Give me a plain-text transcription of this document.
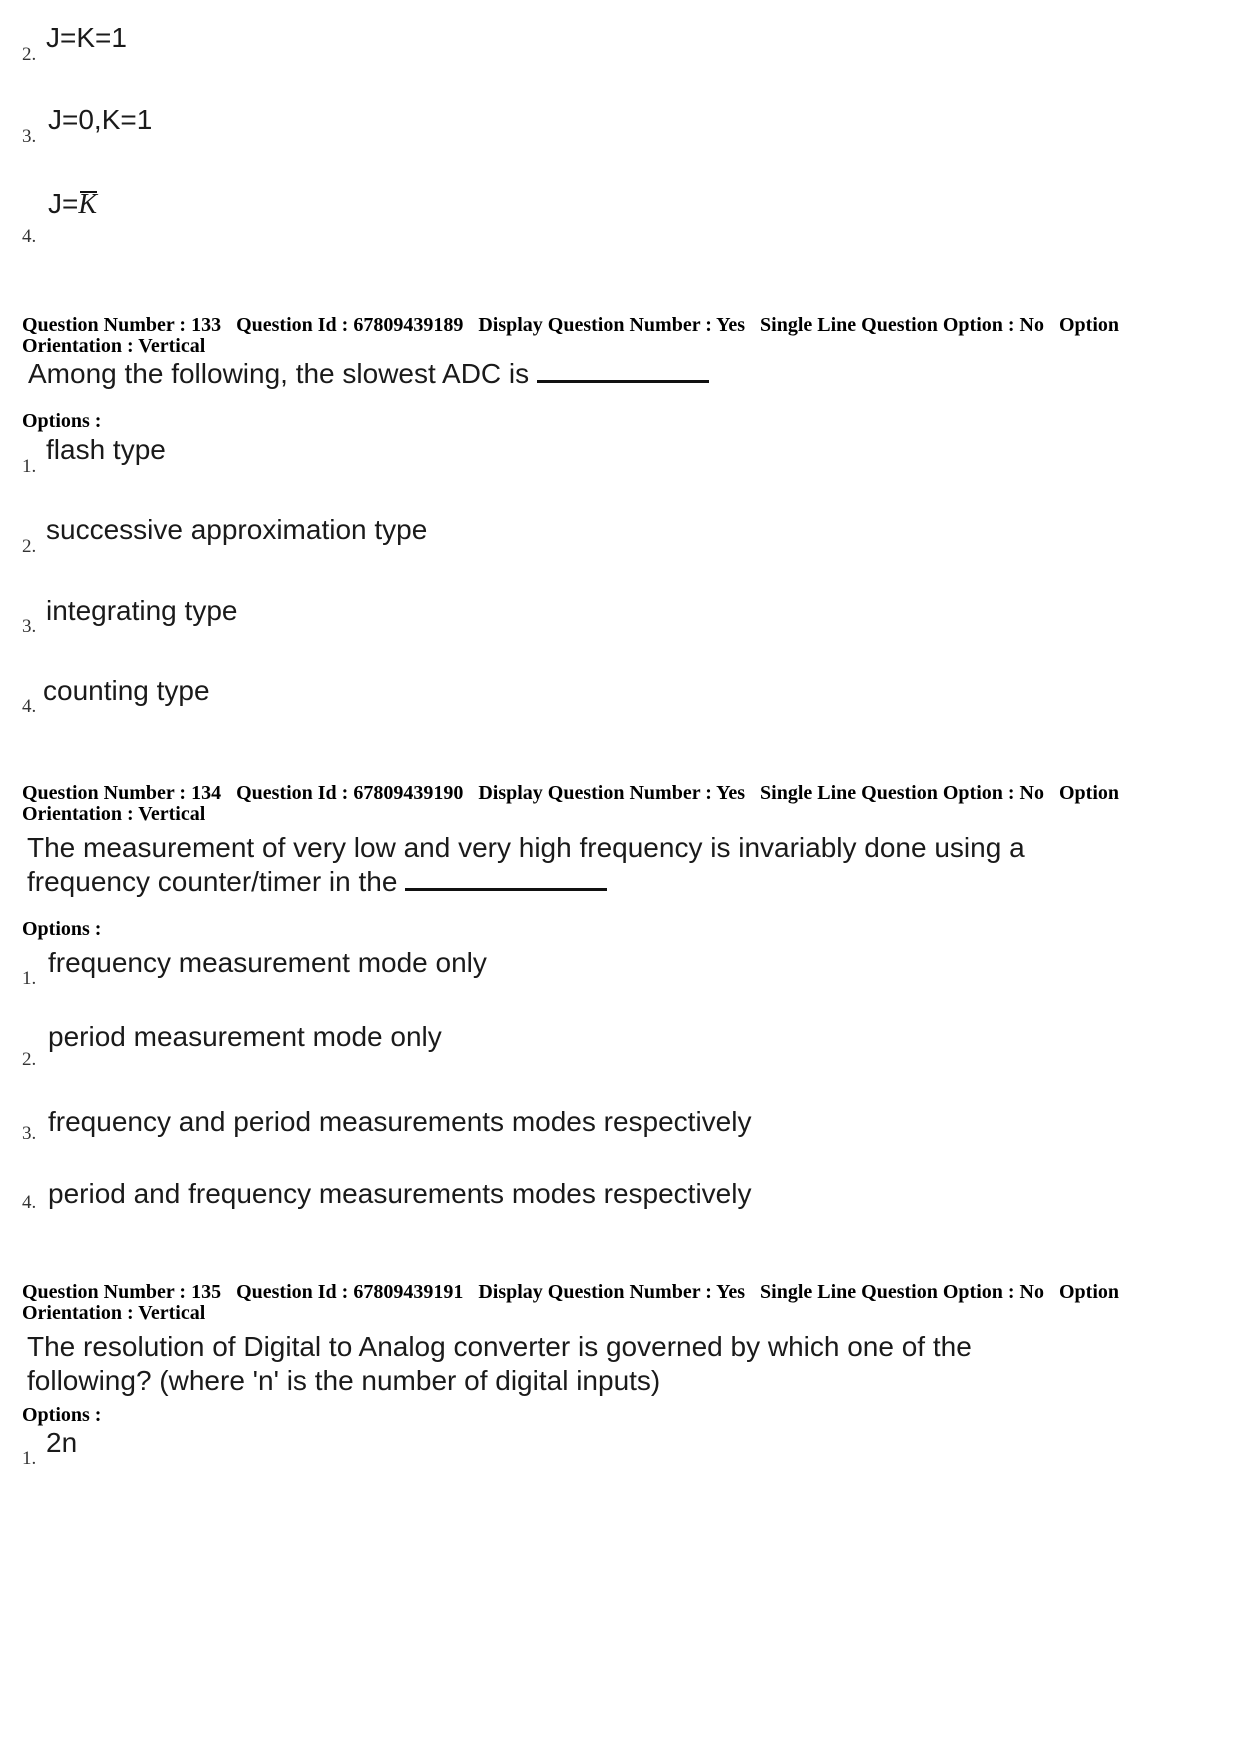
J=K=1
2.
J=0,K=1
3.
J=K
4.
Question Number : 133 Question Id : 67809439189 Display Question Number : Yes Single Line Question Option : No Option
Orientation : Vertical
Among the following, the slowest ADC is
Options :
flash type
1.
successive approximation type
2.
integrating type
3.
counting type
4.
Question Number : 134 Question Id : 67809439190 Display Question Number : Yes Single Line Question Option : No Option
Orientation : Vertical
The measurement of very low and very high frequency is invariably done using a
frequency counter/timer in the
Options :
frequency measurement mode only
1.
period measurement mode only
2.
frequency and period measurements modes respectively
3.
period and frequency measurements modes respectively
4.
Question Number : 135 Question Id : 67809439191 Display Question Number : Yes Single Line Question Option : No Option
Orientation : Vertical
The resolution of Digital to Analog converter is governed by which one of the
following? (where 'n' is the number of digital inputs)
Options :
2n
1.
